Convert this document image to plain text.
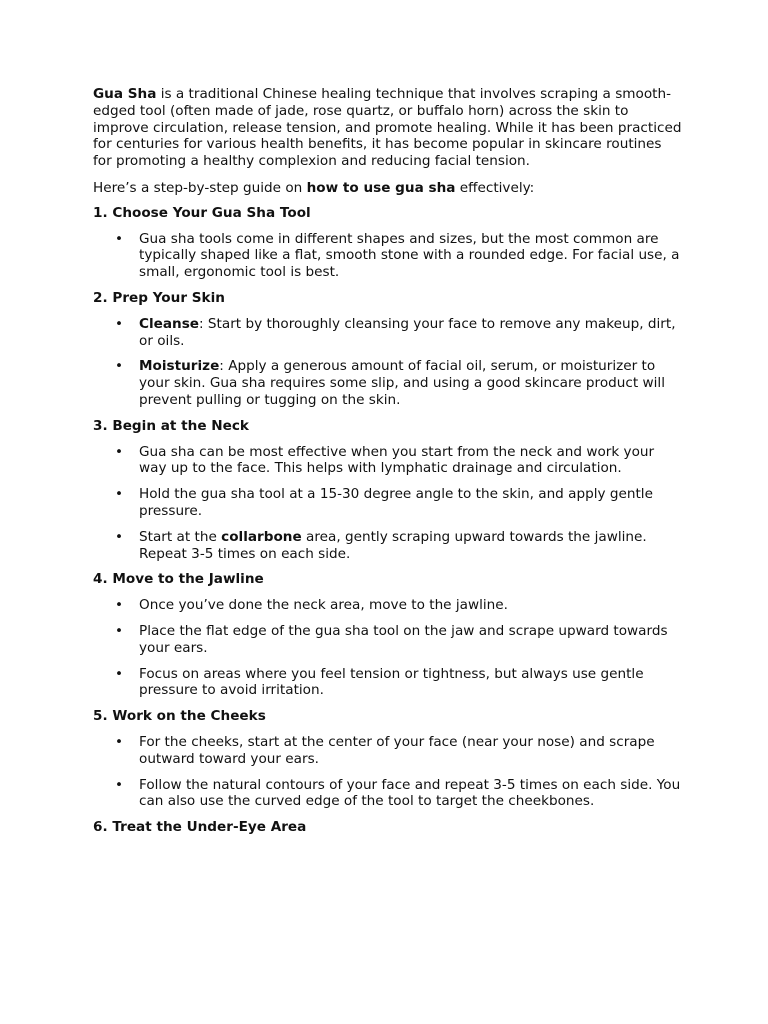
Gua Sha is a traditional Chinese healing technique that involves scraping a smooth-edged tool (often made of jade, rose quartz, or buffalo horn) across the skin to improve circulation, release tension, and promote healing. While it has been practiced for centuries for various health benefits, it has become popular in skincare routines for promoting a healthy complexion and reducing facial tension.

Here’s a step-by-step guide on how to use gua sha effectively:

1. Choose Your Gua Sha Tool

• Gua sha tools come in different shapes and sizes, but the most common are typically shaped like a flat, smooth stone with a rounded edge. For facial use, a small, ergonomic tool is best.

2. Prep Your Skin

• Cleanse: Start by thoroughly cleansing your face to remove any makeup, dirt, or oils.
• Moisturize: Apply a generous amount of facial oil, serum, or moisturizer to your skin. Gua sha requires some slip, and using a good skincare product will prevent pulling or tugging on the skin.

3. Begin at the Neck

• Gua sha can be most effective when you start from the neck and work your way up to the face. This helps with lymphatic drainage and circulation.
• Hold the gua sha tool at a 15-30 degree angle to the skin, and apply gentle pressure.
• Start at the collarbone area, gently scraping upward towards the jawline. Repeat 3-5 times on each side.

4. Move to the Jawline

• Once you’ve done the neck area, move to the jawline.
• Place the flat edge of the gua sha tool on the jaw and scrape upward towards your ears.
• Focus on areas where you feel tension or tightness, but always use gentle pressure to avoid irritation.

5. Work on the Cheeks

• For the cheeks, start at the center of your face (near your nose) and scrape outward toward your ears.
• Follow the natural contours of your face and repeat 3-5 times on each side. You can also use the curved edge of the tool to target the cheekbones.

6. Treat the Under-Eye Area
